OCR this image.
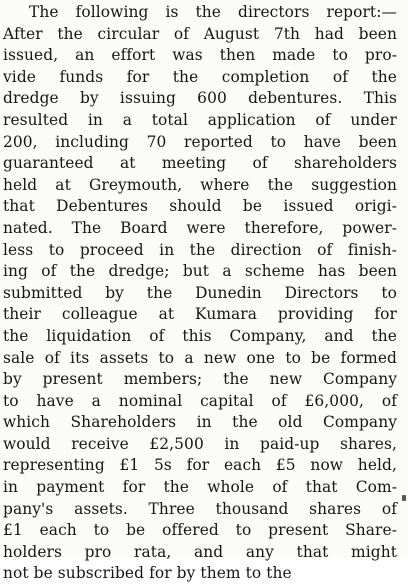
The following is the directors report:—
After the circular of August 7th had been
issued, an effort was then made to pro-
vide funds for the completion of the
dredge by issuing 600 debentures. This
resulted in a total application of under
200, including 70 reported to have been
guaranteed at meeting of shareholders
held at Greymouth, where the suggestion
that Debentures should be issued origi-
nated. The Board were therefore, power-
less to proceed in the direction of finish-
ing of the dredge; but a scheme has been
submitted by the Dunedin Directors to
their colleague at Kumara providing for
the liquidation of this Company, and the
sale of its assets to a new one to be formed
by present members; the new Company
to have a nominal capital of £6,000, of
which Shareholders in the old Company
would receive £2,500 in paid-up shares,
representing £1 5s for each £5 now held,
in payment for the whole of that Com-
pany's assets. Three thousand shares of
£1 each to be offered to present Share-
holders pro rata, and any that might
not be subscribed for by them to the
